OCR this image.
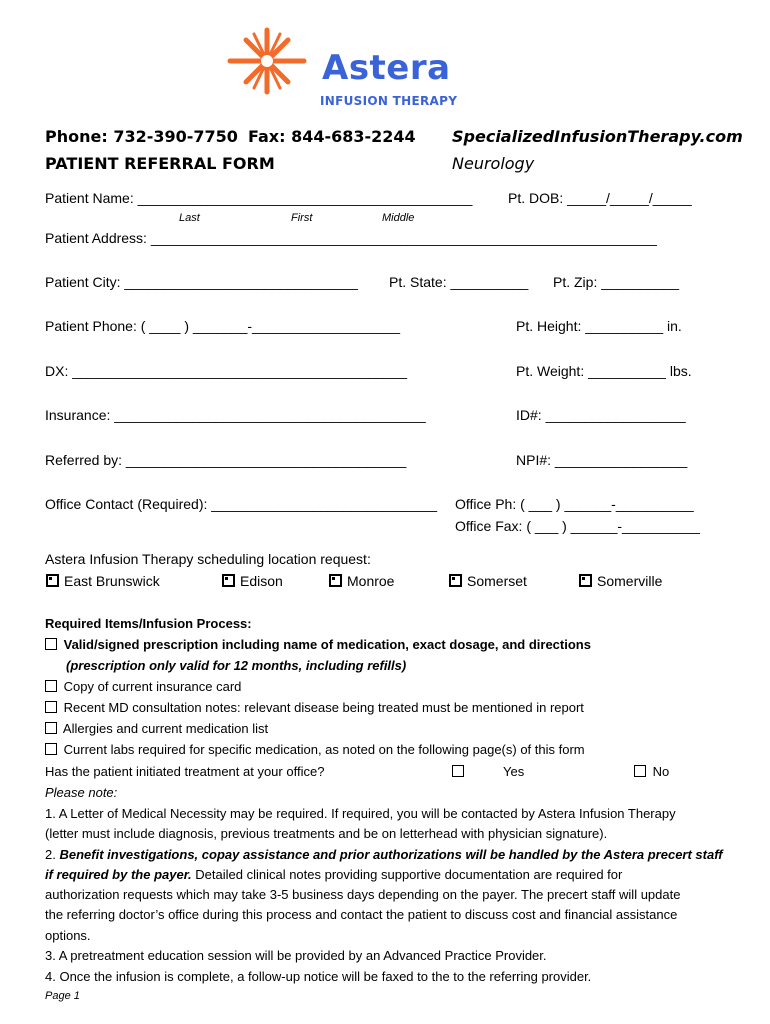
Astera
INFUSION THERAPY
Phone: 732-390-7750 Fax: 844-683-2244 SpecializedInfusionTherapy.com
PATIENT REFERRAL FORM	Neurology
Patient Name: ___________________________________________	Pt. DOB: _____/_____/_____
Last	First	Middle
Patient Address: _________________________________________________________________
Patient City: ______________________________ Pt. State: __________ Pt. Zip: __________
Patient Phone: ( ____ ) _______-___________________	Pt. Height: __________ in.
DX: ___________________________________________	Pt. Weight: __________ lbs.
Insurance: ________________________________________	ID#: __________________
Referred by: ____________________________________	NPI#: _________________
Office Contact (Required): _____________________________ Office Ph: ( ___ ) ______-__________
Office Fax: ( ___ ) ______-__________
Astera Infusion Therapy scheduling location request:
East Brunswick	Edison	Monroe	Somerset	Somerville
Required Items/Infusion Process:
Valid/signed prescription including name of medication, exact dosage, and directions
(prescription only valid for 12 months, including refills)
Copy of current insurance card
Recent MD consultation notes: relevant disease being treated must be mentioned in report
Allergies and current medication list
Current labs required for specific medication, as noted on the following page(s) of this form
Has the patient initiated treatment at your office?	Yes	No
Please note:
1. A Letter of Medical Necessity may be required. If required, you will be contacted by Astera Infusion Therapy
(letter must include diagnosis, previous treatments and be on letterhead with physician signature).
2. Benefit investigations, copay assistance and prior authorizations will be handled by the Astera precert staff
if required by the payer. Detailed clinical notes providing supportive documentation are required for
authorization requests which may take 3-5 business days depending on the payer. The precert staff will update
the referring doctor’s office during this process and contact the patient to discuss cost and financial assistance
options.
3. A pretreatment education session will be provided by an Advanced Practice Provider.
4. Once the infusion is complete, a follow-up notice will be faxed to the to the referring provider.
Page 1
